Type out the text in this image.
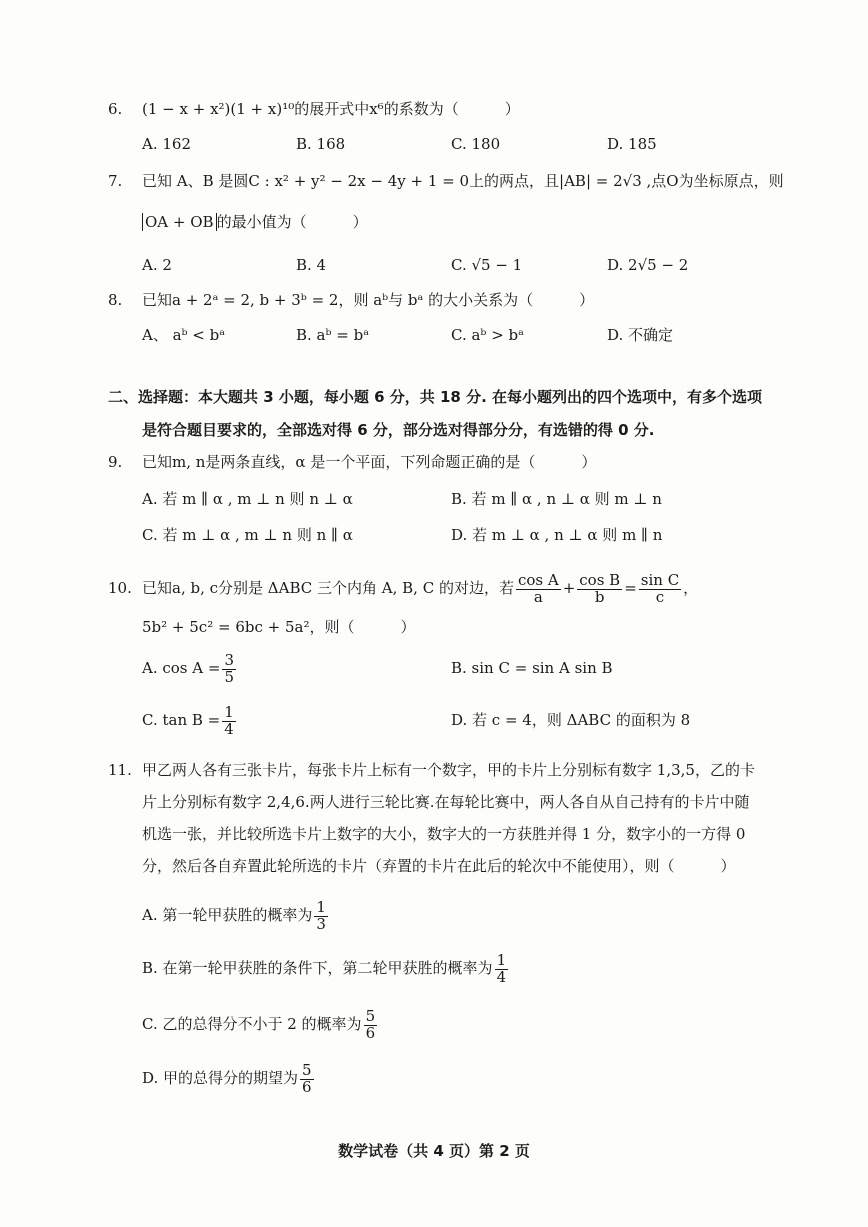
6. (1 − x + x²)(1 + x)¹⁰的展开式中x⁶的系数为（	）
A. 162	B. 168	C. 180	D. 185
7. 已知 A、B 是圆C : x² + y² − 2x − 4y + 1 = 0上的两点，且|AB| = 2√3 ,点O为坐标原点，则
OA + OB 的最小值为（	）
A. 2	B. 4	C. √5 − 1	D. 2√5 − 2
8. 已知a + 2ᵃ = 2, b + 3ᵇ = 2，则 aᵇ与 bᵃ 的大小关系为（	）
A、 aᵇ < bᵃ	B. aᵇ = bᵃ	C. aᵇ > bᵃ	D. 不确定
二、选择题：本大题共 3 小题，每小题 6 分，共 18 分. 在每小题列出的四个选项中，有多个选项
是符合题目要求的，全部选对得 6 分，部分选对得部分分，有选错的得 0 分.
9. 已知m, n是两条直线，α 是一个平面，下列命题正确的是（	）
A. 若 m ∥ α , m ⊥ n 则 n ⊥ α	B. 若 m ∥ α , n ⊥ α 则 m ⊥ n
C. 若 m ⊥ α , m ⊥ n 则 n ∥ α	D. 若 m ⊥ α , n ⊥ α 则 m ∥ n
10. 已知a, b, c分别是 ΔABC 三个内角 A, B, C 的对边，若 $\frac{\text{cos A}}{a} + \frac{\text{cos B}}{b} = \frac{\text{sin C}}{c}$ ，
5b² + 5c² = 6bc + 5a²，则（	）
A. $\cos A = \frac{3}{5}$	B. sin C = sin A sin B
C. $\tan B = \frac{1}{4}$	D. 若 c = 4，则 ΔABC 的面积为 8
11. 甲乙两人各有三张卡片，每张卡片上标有一个数字，甲的卡片上分别标有数字 1,3,5，乙的卡
片上分别标有数字 2,4,6.两人进行三轮比赛.在每轮比赛中，两人各自从自己持有的卡片中随
机选一张，并比较所选卡片上数字的大小，数字大的一方获胜并得 1 分，数字小的一方得 0
分，然后各自弃置此轮所选的卡片（弃置的卡片在此后的轮次中不能使用），则（	）
A. 第一轮甲获胜的概率为 $\frac{1}{3}$
B. 在第一轮甲获胜的条件下，第二轮甲获胜的概率为 $\frac{1}{4}$
C. 乙的总得分不小于 2 的概率为 $\frac{5}{6}$
D. 甲的总得分的期望为 $\frac{5}{6}$
数学试卷（共 4 页）第 2 页
